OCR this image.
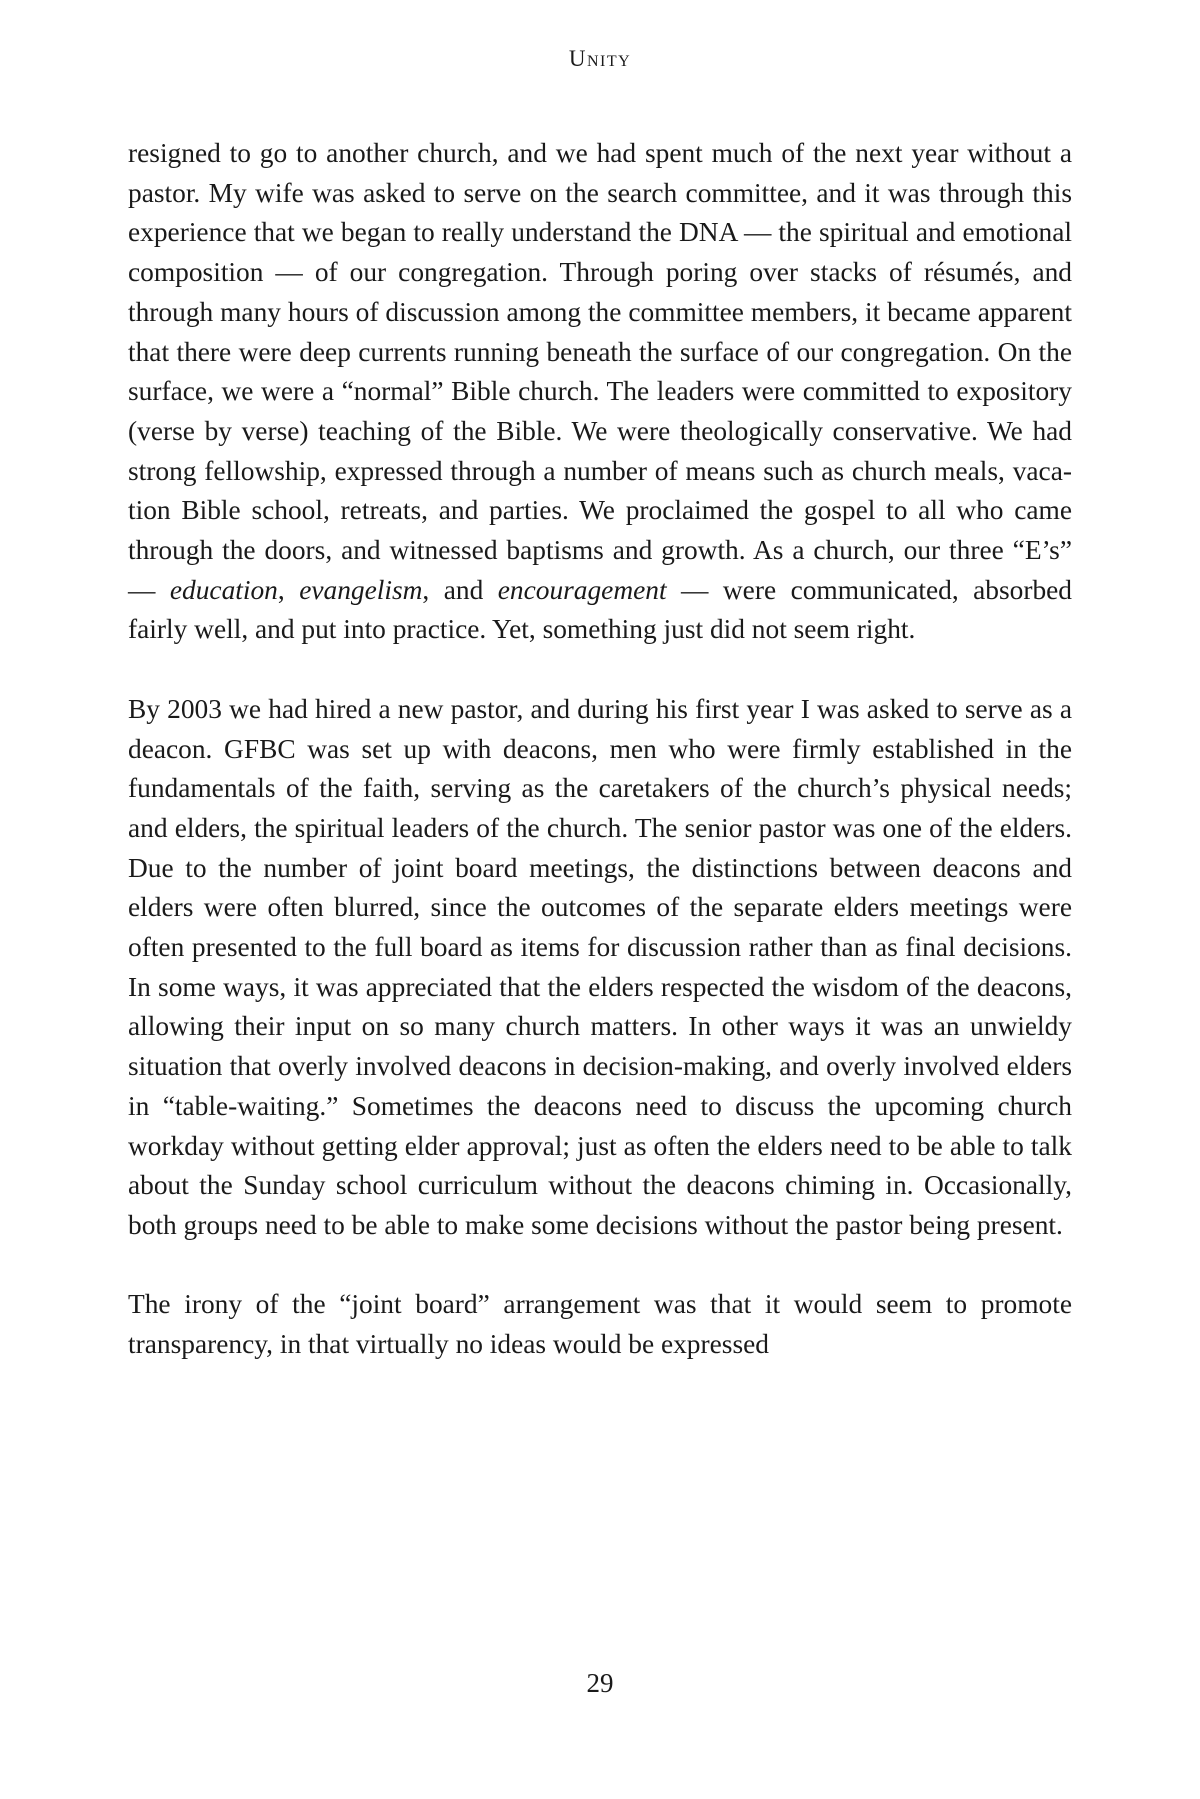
Unity

resigned to go to another church, and we had spent much of the next year without a pastor. My wife was asked to serve on the search committee, and it was through this experience that we began to really understand the DNA — the spiritual and emotional composition — of our congregation. Through poring over stacks of résumés, and through many hours of discussion among the committee members, it became apparent that there were deep currents running beneath the surface of our congregation. On the surface, we were a “normal” Bible church. The leaders were committed to expository (verse by verse) teaching of the Bible. We were theologically conservative. We had strong fellowship, expressed through a number of means such as church meals, vacation Bible school, retreats, and parties. We proclaimed the gospel to all who came through the doors, and witnessed baptisms and growth. As a church, our three “E’s” — education, evangelism, and encouragement — were communicated, absorbed fairly well, and put into practice. Yet, something just did not seem right.

By 2003 we had hired a new pastor, and during his first year I was asked to serve as a deacon. GFBC was set up with deacons, men who were firmly established in the fundamentals of the faith, serving as the caretakers of the church’s physical needs; and elders, the spiritual leaders of the church. The senior pastor was one of the elders. Due to the number of joint board meetings, the distinctions between deacons and elders were often blurred, since the outcomes of the separate elders meetings were often presented to the full board as items for discussion rather than as final decisions. In some ways, it was appreciated that the elders respected the wisdom of the deacons, allowing their input on so many church matters. In other ways it was an unwieldy situation that overly involved deacons in decision-making, and overly involved elders in “table-waiting.” Sometimes the deacons need to discuss the upcoming church workday without getting elder approval; just as often the elders need to be able to talk about the Sunday school curriculum without the deacons chiming in. Occasionally, both groups need to be able to make some decisions without the pastor being present.

The irony of the “joint board” arrangement was that it would seem to promote transparency, in that virtually no ideas would be expressed

29
